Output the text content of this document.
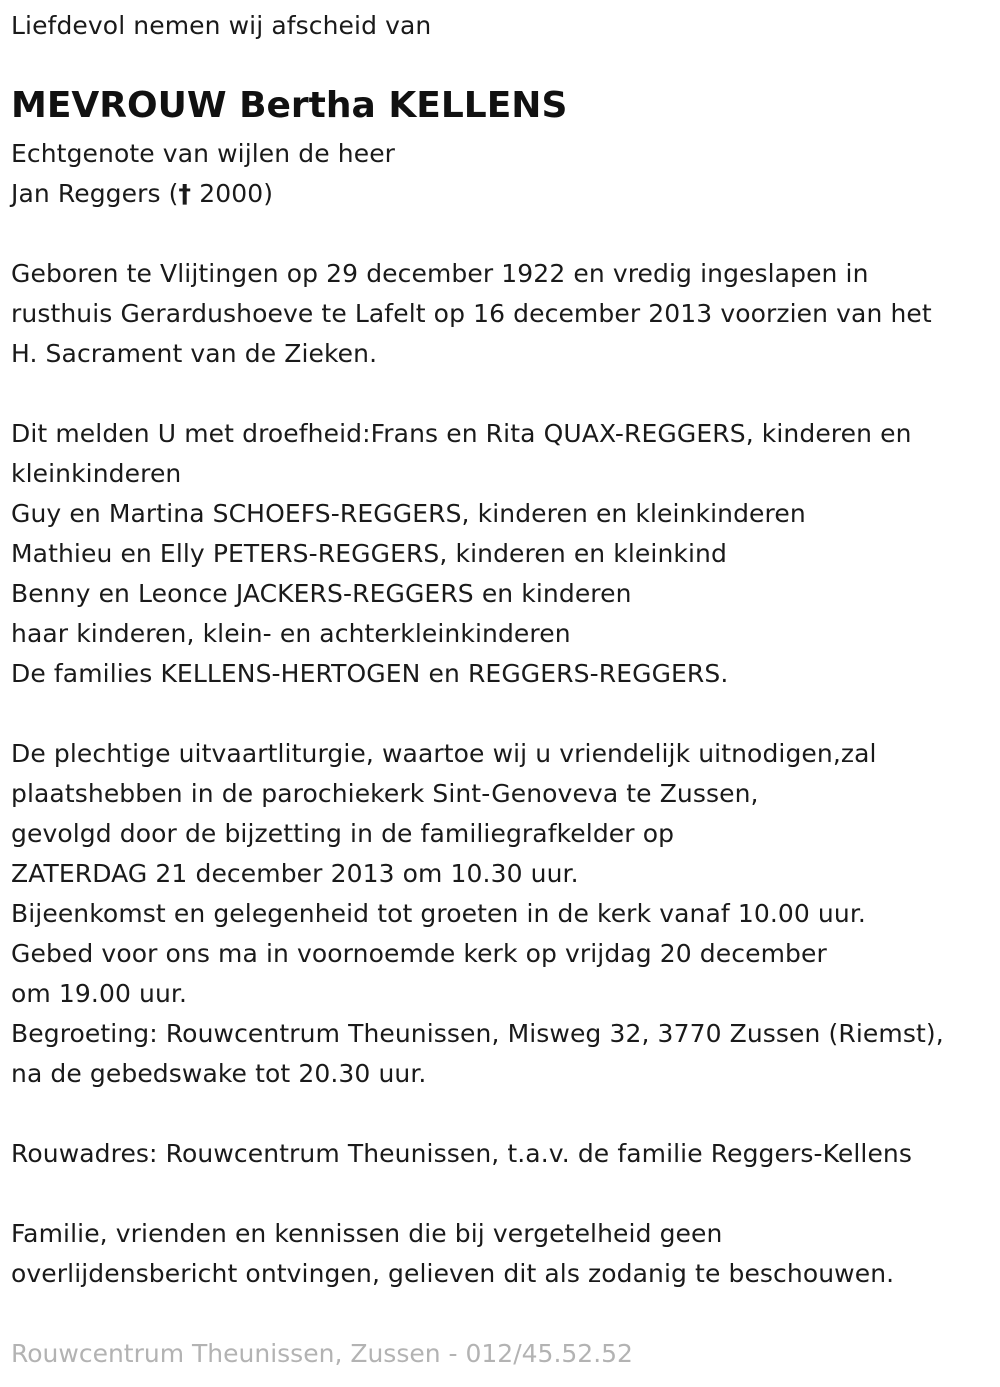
Liefdevol nemen wij afscheid van
MEVROUW Bertha KELLENS
Echtgenote van wijlen de heer
Jan Reggers († 2000)
Geboren te Vlijtingen op 29 december 1922 en vredig ingeslapen in
rusthuis Gerardushoeve te Lafelt op 16 december 2013 voorzien van het
H. Sacrament van de Zieken.
Dit melden U met droefheid:Frans en Rita QUAX-REGGERS, kinderen en
kleinkinderen
Guy en Martina SCHOEFS-REGGERS, kinderen en kleinkinderen
Mathieu en Elly PETERS-REGGERS, kinderen en kleinkind
Benny en Leonce JACKERS-REGGERS en kinderen
haar kinderen, klein- en achterkleinkinderen
De families KELLENS-HERTOGEN en REGGERS-REGGERS.
De plechtige uitvaartliturgie, waartoe wij u vriendelijk uitnodigen,zal
plaatshebben in de parochiekerk Sint-Genoveva te Zussen,
gevolgd door de bijzetting in de familiegrafkelder op
ZATERDAG 21 december 2013 om 10.30 uur.
Bijeenkomst en gelegenheid tot groeten in de kerk vanaf 10.00 uur.
Gebed voor ons ma in voornoemde kerk op vrijdag 20 december
om 19.00 uur.
Begroeting: Rouwcentrum Theunissen, Misweg 32, 3770 Zussen (Riemst),
na de gebedswake tot 20.30 uur.
Rouwadres: Rouwcentrum Theunissen, t.a.v. de familie Reggers-Kellens
Familie, vrienden en kennissen die bij vergetelheid geen
overlijdensbericht ontvingen, gelieven dit als zodanig te beschouwen.
Rouwcentrum Theunissen, Zussen - 012/45.52.52
